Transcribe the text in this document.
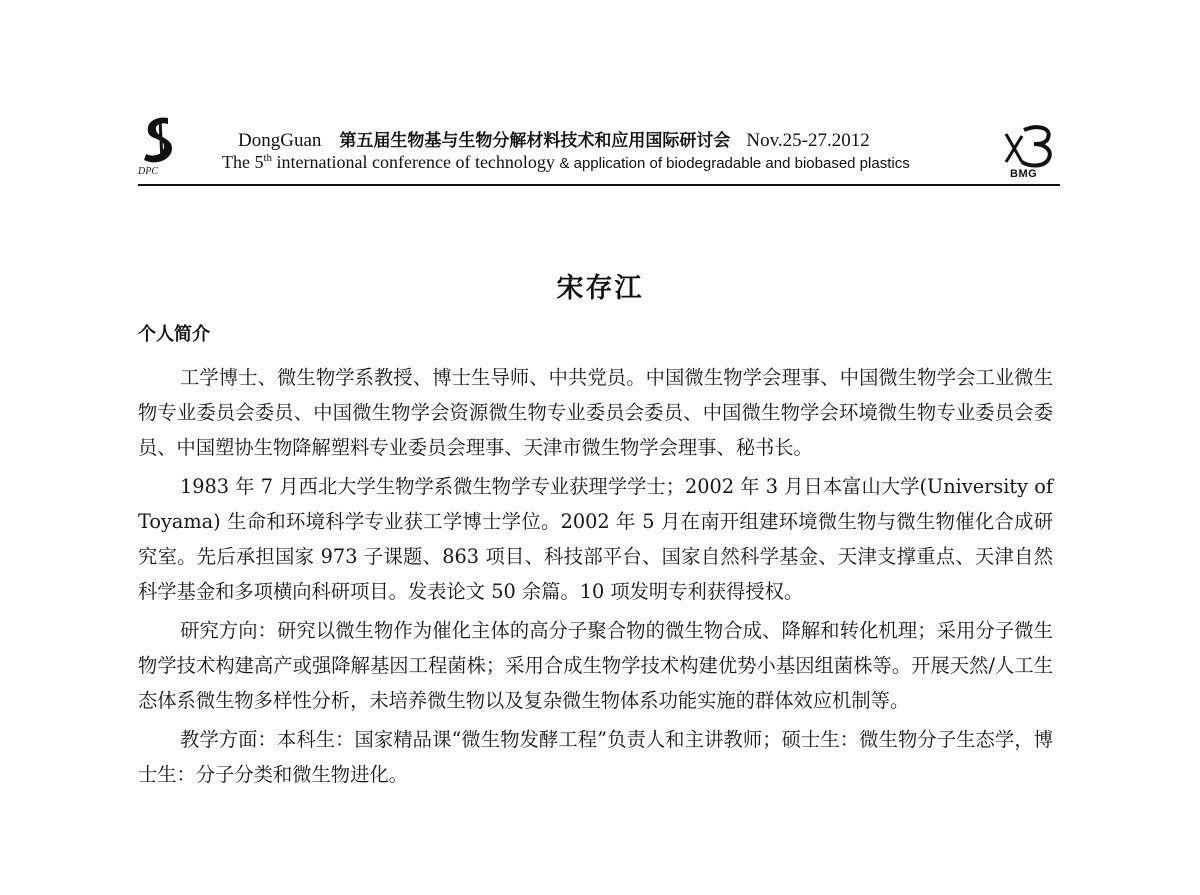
DPC
DongGuan 第五届生物基与生物分解材料技术和应用国际研讨会 Nov.25-27.2012
The 5th international conference of technology & application of biodegradable and biobased plastics
BMG
宋存江
个人简介

工学博士、微生物学系教授、博士生导师、中共党员。中国微生物学会理事、中国微生物学会工业微生物专业委员会委员、中国微生物学会资源微生物专业委员会委员、中国微生物学会环境微生物专业委员会委员、中国塑协生物降解塑料专业委员会理事、天津市微生物学会理事、秘书长。

1983 年 7 月西北大学生物学系微生物学专业获理学学士；2002 年 3 月日本富山大学(University of Toyama) 生命和环境科学专业获工学博士学位。2002 年 5 月在南开组建环境微生物与微生物催化合成研究室。先后承担国家 973 子课题、863 项目、科技部平台、国家自然科学基金、天津支撑重点、天津自然科学基金和多项横向科研项目。发表论文 50 余篇。10 项发明专利获得授权。

研究方向：研究以微生物作为催化主体的高分子聚合物的微生物合成、降解和转化机理；采用分子微生物学技术构建高产或强降解基因工程菌株；采用合成生物学技术构建优势小基因组菌株等。开展天然/人工生态体系微生物多样性分析，未培养微生物以及复杂微生物体系功能实施的群体效应机制等。

教学方面：本科生：国家精品课“微生物发酵工程”负责人和主讲教师；硕士生：微生物分子生态学，博士生：分子分类和微生物进化。
